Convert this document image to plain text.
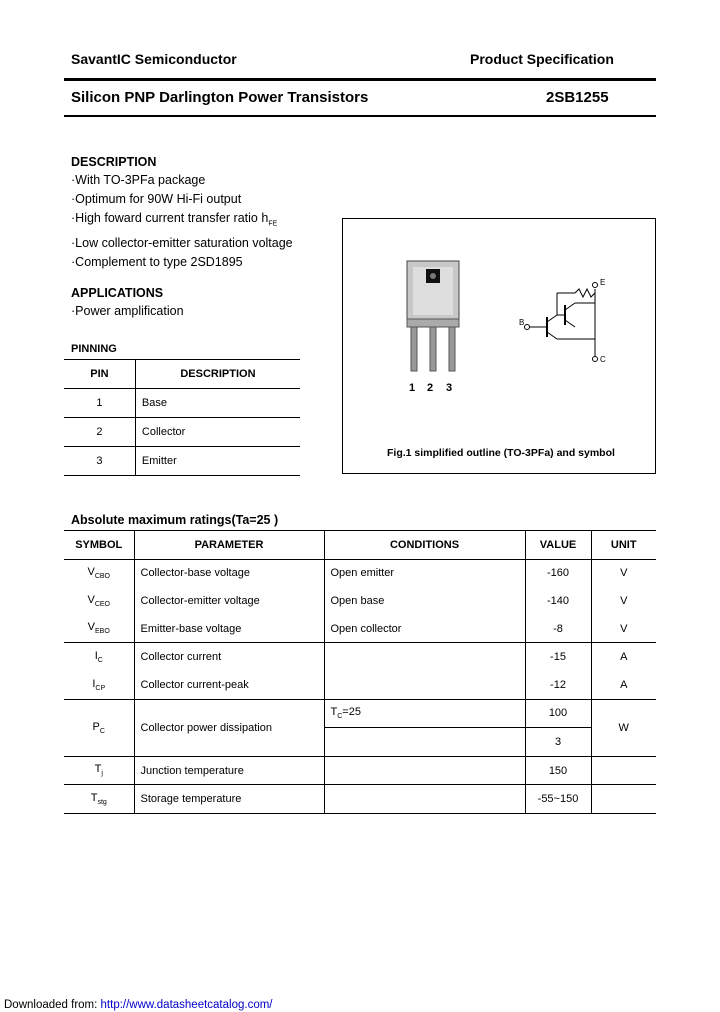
SavantIC Semiconductor	Product Specification
Silicon PNP Darlington Power Transistors	2SB1255
DESCRIPTION
·With TO-3PFa package
·Optimum for 90W Hi-Fi output
·High foward current transfer ratio $h_{FE}$
·Low collector-emitter saturation voltage
·Complement to type 2SD1895
APPLICATIONS
·Power amplification
PINNING
PIN	DESCRIPTION
1	Base
2	Collector
3	Emitter
1 2 3
B
E
C
Fig.1 simplified outline (TO-3PFa) and symbol
Absolute maximum ratings(Ta=25 )
SYMBOL	PARAMETER	CONDITIONS	VALUE	UNIT
$V_{CBO}$	Collector-base voltage	Open emitter	-160	V
$V_{CEO}$	Collector-emitter voltage	Open base	-140	V
$V_{EBO}$	Emitter-base voltage	Open collector	-8	V
$I_C$	Collector current		-15	A
$I_{CP}$	Collector current-peak		-12	A
$P_C$	Collector power dissipation	$T_C=25$	100	W
			3	
$T_j$	Junction temperature		150	
$T_{stg}$	Storage temperature		-55~150	
Downloaded from: http://www.datasheetcatalog.com/
